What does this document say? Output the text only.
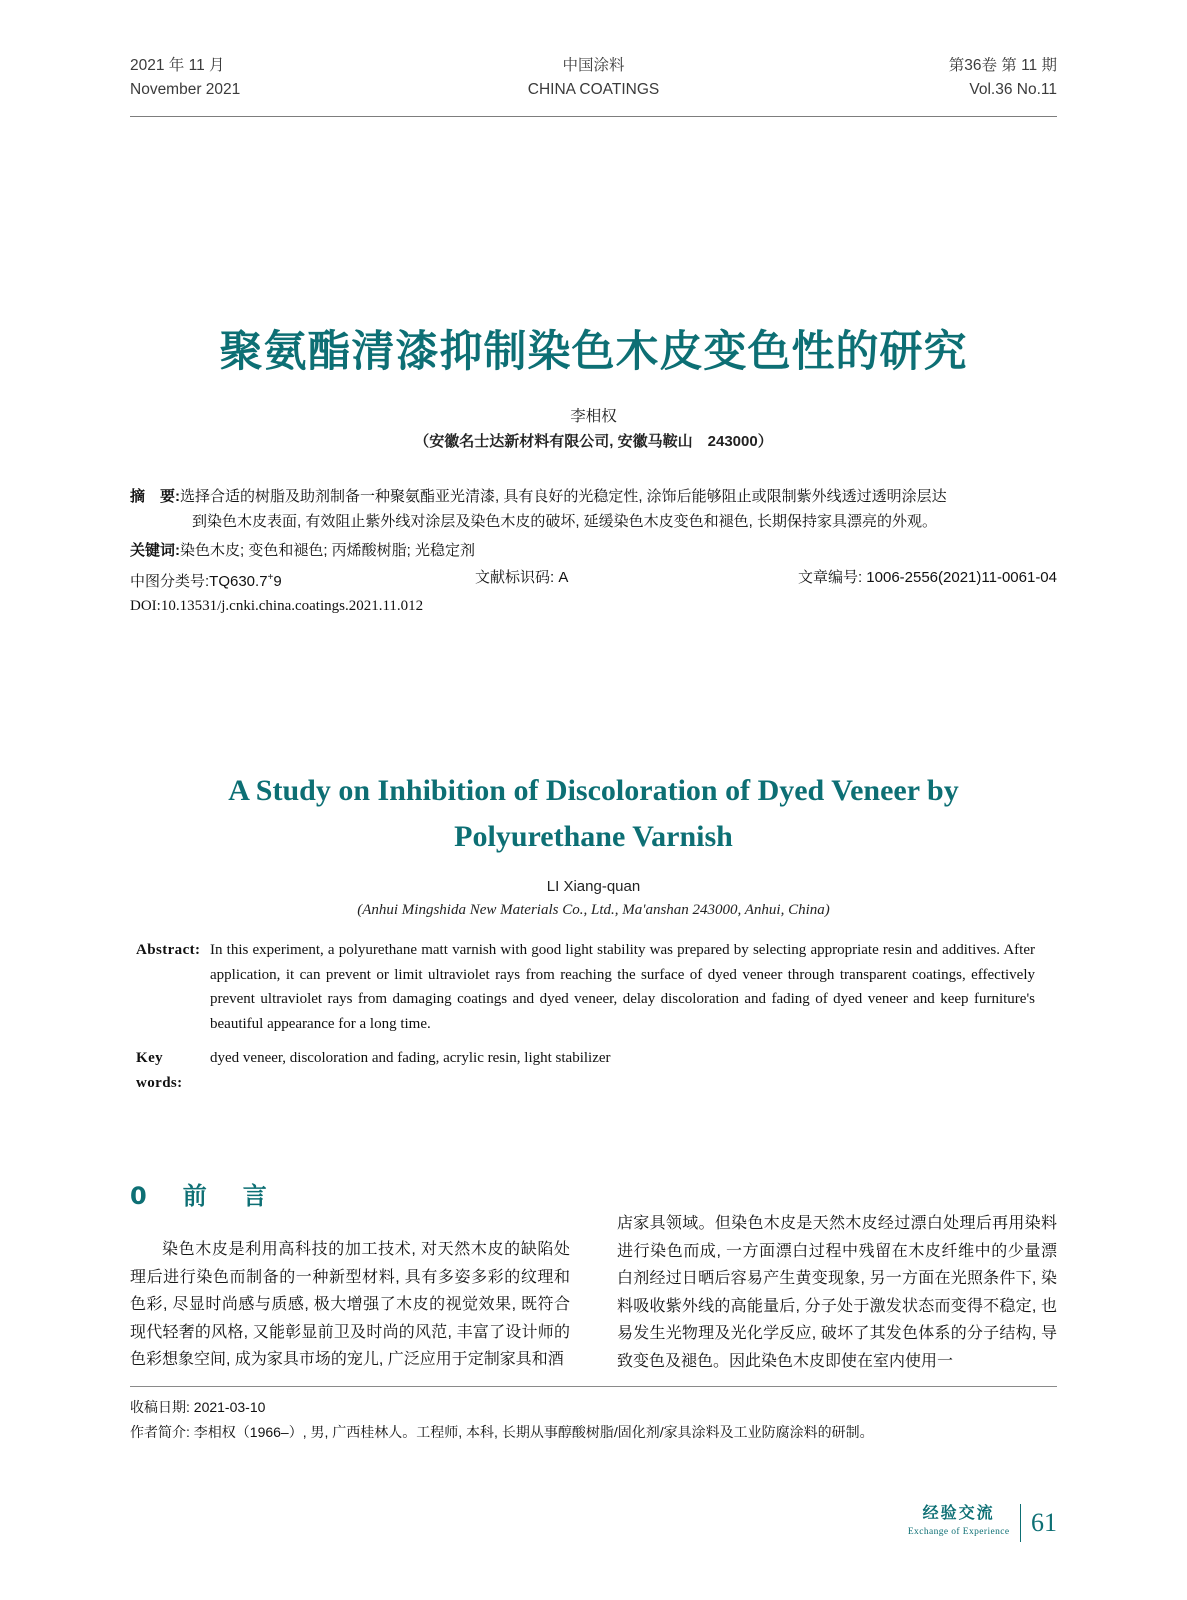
2021 年 11 月
November 2021
中国涂料
CHINA COATINGS
第36卷 第 11 期
Vol.36 No.11
聚氨酯清漆抑制染色木皮变色性的研究
李相权
（安徽名士达新材料有限公司, 安徽马鞍山　243000）
摘　要: 选择合适的树脂及助剂制备一种聚氨酯亚光清漆, 具有良好的光稳定性, 涂饰后能够阻止或限制紫外线透过透明涂层达
到染色木皮表面, 有效阻止紫外线对涂层及染色木皮的破坏, 延缓染色木皮变色和褪色, 长期保持家具漂亮的外观。
关键词: 染色木皮; 变色和褪色; 丙烯酸树脂; 光稳定剂
中图分类号:TQ630.7+9	文献标识码: A	文章编号: 1006-2556(2021)11-0061-04
DOI:10.13531/j.cnki.china.coatings.2021.11.012
A Study on Inhibition of Discoloration of Dyed Veneer by
Polyurethane Varnish
LI Xiang-quan
(Anhui Mingshida New Materials Co., Ltd., Ma'anshan 243000, Anhui, China)
Abstract: In this experiment, a polyurethane matt varnish with good light stability was prepared by selecting appropriate resin and additives. After application, it can prevent or limit ultraviolet rays from reaching the surface of dyed veneer through transparent coatings, effectively prevent ultraviolet rays from damaging coatings and dyed veneer, delay discoloration and fading of dyed veneer and keep furniture's beautiful appearance for a long time.
Key words:
dyed veneer, discoloration and fading, acrylic resin, light stabilizer
0　前　言

染色木皮是利用高科技的加工技术, 对天然木皮的缺陷处理后进行染色而制备的一种新型材料, 具有多姿多彩的纹理和色彩, 尽显时尚感与质感, 极大增强了木皮的视觉效果, 既符合现代轻奢的风格, 又能彰显前卫及时尚的风范, 丰富了设计师的色彩想象空间, 成为家具市场的宠儿, 广泛应用于定制家具和酒

店家具领域。但染色木皮是天然木皮经过漂白处理后再用染料进行染色而成, 一方面漂白过程中残留在木皮纤维中的少量漂白剂经过日晒后容易产生黄变现象, 另一方面在光照条件下, 染料吸收紫外线的高能量后, 分子处于激发状态而变得不稳定, 也易发生光物理及光化学反应, 破坏了其发色体系的分子结构, 导致变色及褪色。因此染色木皮即使在室内使用一

收稿日期: 2021-03-10
作者简介: 李相权（1966–）, 男, 广西桂林人。工程师, 本科, 长期从事醇酸树脂/固化剂/家具涂料及工业防腐涂料的研制。
经验交流
Exchange of Experience 61
